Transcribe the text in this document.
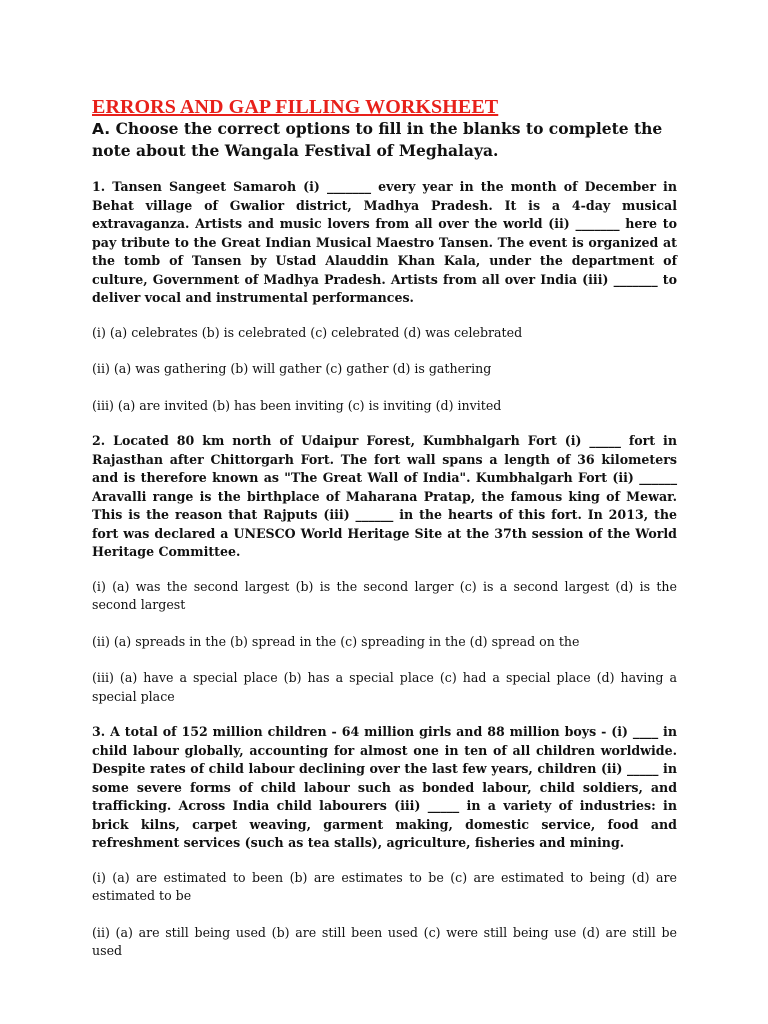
ERRORS AND GAP FILLING WORKSHEET

A. Choose the correct options to fill in the blanks to complete the note about the Wangala Festival of Meghalaya.

1. Tansen Sangeet Samaroh (i) _______ every year in the month of December in Behat village of Gwalior district, Madhya Pradesh. It is a 4-day musical extravaganza. Artists and music lovers from all over the world (ii) _______ here to pay tribute to the Great Indian Musical Maestro Tansen. The event is organized at the tomb of Tansen by Ustad Alauddin Khan Kala, under the department of culture, Government of Madhya Pradesh. Artists from all over India (iii) _______ to deliver vocal and instrumental performances.

(i) (a) celebrates (b) is celebrated (c) celebrated (d) was celebrated

(ii) (a) was gathering (b) will gather (c) gather (d) is gathering

(iii) (a) are invited (b) has been inviting (c) is inviting (d) invited

2. Located 80 km north of Udaipur Forest, Kumbhalgarh Fort (i) _____ fort in Rajasthan after Chittorgarh Fort. The fort wall spans a length of 36 kilometers and is therefore known as "The Great Wall of India". Kumbhalgarh Fort (ii) ______ Aravalli range is the birthplace of Maharana Pratap, the famous king of Mewar. This is the reason that Rajputs (iii) ______ in the hearts of this fort. In 2013, the fort was declared a UNESCO World Heritage Site at the 37th session of the World Heritage Committee.

(i) (a) was the second largest (b) is the second larger (c) is a second largest (d) is the second largest

(ii) (a) spreads in the (b) spread in the (c) spreading in the (d) spread on the

(iii) (a) have a special place (b) has a special place (c) had a special place (d) having a special place

3. A total of 152 million children - 64 million girls and 88 million boys - (i) ____ in child labour globally, accounting for almost one in ten of all children worldwide. Despite rates of child labour declining over the last few years, children (ii) _____ in some severe forms of child labour such as bonded labour, child soldiers, and trafficking. Across India child labourers (iii) _____ in a variety of industries: in brick kilns, carpet weaving, garment making, domestic service, food and refreshment services (such as tea stalls), agriculture, fisheries and mining.

(i) (a) are estimated to been (b) are estimates to be (c) are estimated to being (d) are estimated to be

(ii) (a) are still being used (b) are still been used (c) were still being use (d) are still be used
